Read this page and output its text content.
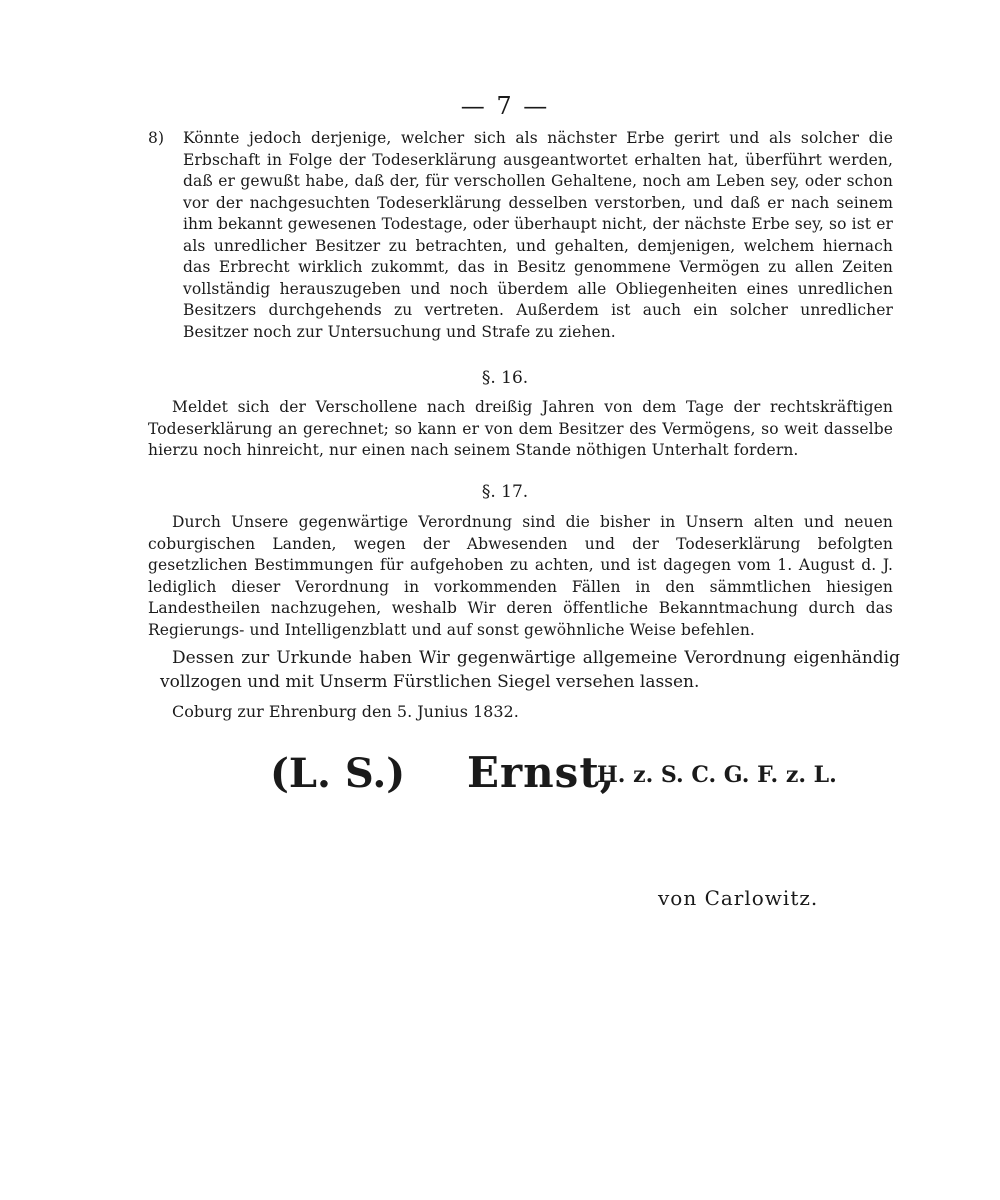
— 7 —
8) Könnte jedoch derjenige, welcher sich als nächster Erbe gerirt und als solcher die Erbschaft in Folge der Todeserklärung ausgeantwortet erhalten hat, überführt werden, daß er gewußt habe, daß der, für verschollen Gehaltene, noch am Leben sey, oder schon vor der nachgesuchten Todeserklärung desselben verstorben, und daß er nach seinem ihm bekannt gewesenen Todestage, oder überhaupt nicht, der nächste Erbe sey, so ist er als unredlicher Besitzer zu betrachten, und gehalten, demjenigen, welchem hiernach das Erbrecht wirklich zukommt, das in Besitz genommene Vermögen zu allen Zeiten vollständig herauszugeben und noch überdem alle Obliegenheiten eines unredlichen Besitzers durchgehends zu vertreten. Außerdem ist auch ein solcher unredlicher Besitzer noch zur Untersuchung und Strafe zu ziehen.
§. 16.
Meldet sich der Verschollene nach dreißig Jahren von dem Tage der rechtskräftigen Todeserklärung an gerechnet; so kann er von dem Besitzer des Vermögens, so weit dasselbe hierzu noch hinreicht, nur einen nach seinem Stande nöthigen Unterhalt fordern.
§. 17.
Durch Unsere gegenwärtige Verordnung sind die bisher in Unsern alten und neuen coburgischen Landen, wegen der Abwesenden und der Todeserklärung befolgten gesetzlichen Bestimmungen für aufgehoben zu achten, und ist dagegen vom 1. August d. J. lediglich dieser Verordnung in vorkommenden Fällen in den sämmtlichen hiesigen Landestheilen nachzugehen, weshalb Wir deren öffentliche Bekanntmachung durch das Regierungs- und Intelligenzblatt und auf sonst gewöhnliche Weise befehlen.
Dessen zur Urkunde haben Wir gegenwärtige allgemeine Verordnung eigenhändig vollzogen und mit Unserm Fürstlichen Siegel versehen lassen.
Coburg zur Ehrenburg den 5. Junius 1832.
(L. S.) Ernst,
H. z. S. C. G. F. z. L.
von Carlowitz.
